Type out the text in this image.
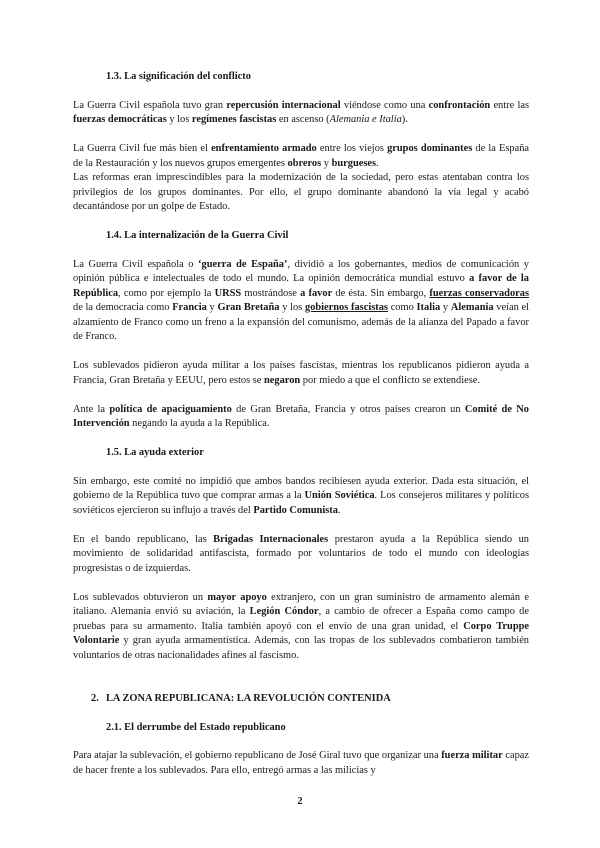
1.3. La significación del conflicto

La Guerra Civil española tuvo gran repercusión internacional viéndose como una confrontación entre las fuerzas democráticas y los regímenes fascistas en ascenso (Alemania e Italia).

La Guerra Civil fue más bien el enfrentamiento armado entre los viejos grupos dominantes de la España de la Restauración y los nuevos grupos emergentes obreros y burgueses.

Las reformas eran imprescindibles para la modernización de la sociedad, pero estas atentaban contra los privilegios de los grupos dominantes. Por ello, el grupo dominante abandonó la vía legal y acabó decantándose por un golpe de Estado.

1.4. La internalización de la Guerra Civil

La Guerra Civil española o ‘guerra de España’, dividió a los gobernantes, medios de comunicación y opinión pública e intelectuales de todo el mundo. La opinión democrática mundial estuvo a favor de la República, como por ejemplo la URSS mostrándose a favor de ésta. Sin embargo, fuerzas conservadoras de la democracia como Francia y Gran Bretaña y los gobiernos fascistas como Italia y Alemania veían el alzamiento de Franco como un freno a la expansión del comunismo, además de la alianza del Papado a favor de Franco.

Los sublevados pidieron ayuda militar a los países fascistas, mientras los republicanos pidieron ayuda a Francia, Gran Bretaña y EEUU, pero estos se negaron por miedo a que el conflicto se extendiese.

Ante la política de apaciguamiento de Gran Bretaña, Francia y otros países crearon un Comité de No Intervención negando la ayuda a la República.

1.5. La ayuda exterior

Sin embargo, este comité no impidió que ambos bandos recibiesen ayuda exterior. Dada esta situación, el gobierno de la República tuvo que comprar armas a la Unión Soviética. Los consejeros militares y políticos soviéticos ejercieron su influjo a través del Partido Comunista.

En el bando republicano, las Brigadas Internacionales prestaron ayuda a la República siendo un movimiento de solidaridad antifascista, formado por voluntarios de todo el mundo con ideologías progresistas o de izquierdas.

Los sublevados obtuvieron un mayor apoyo extranjero, con un gran suministro de armamento alemán e italiano. Alemania envió su aviación, la Legión Cóndor, a cambio de ofrecer a España como campo de pruebas para su armamento. Italia también apoyó con el envío de una gran unidad, el Corpo Truppe Volontarie y gran ayuda armamentística. Además, con las tropas de los sublevados combatieron también voluntarios de otras nacionalidades afines al fascismo.

2. LA ZONA REPUBLICANA: LA REVOLUCIÓN CONTENIDA
2.1. El derrumbe del Estado republicano

Para atajar la sublevación, el gobierno republicano de José Giral tuvo que organizar una fuerza militar capaz de hacer frente a los sublevados. Para ello, entregó armas a las milicias y

2
